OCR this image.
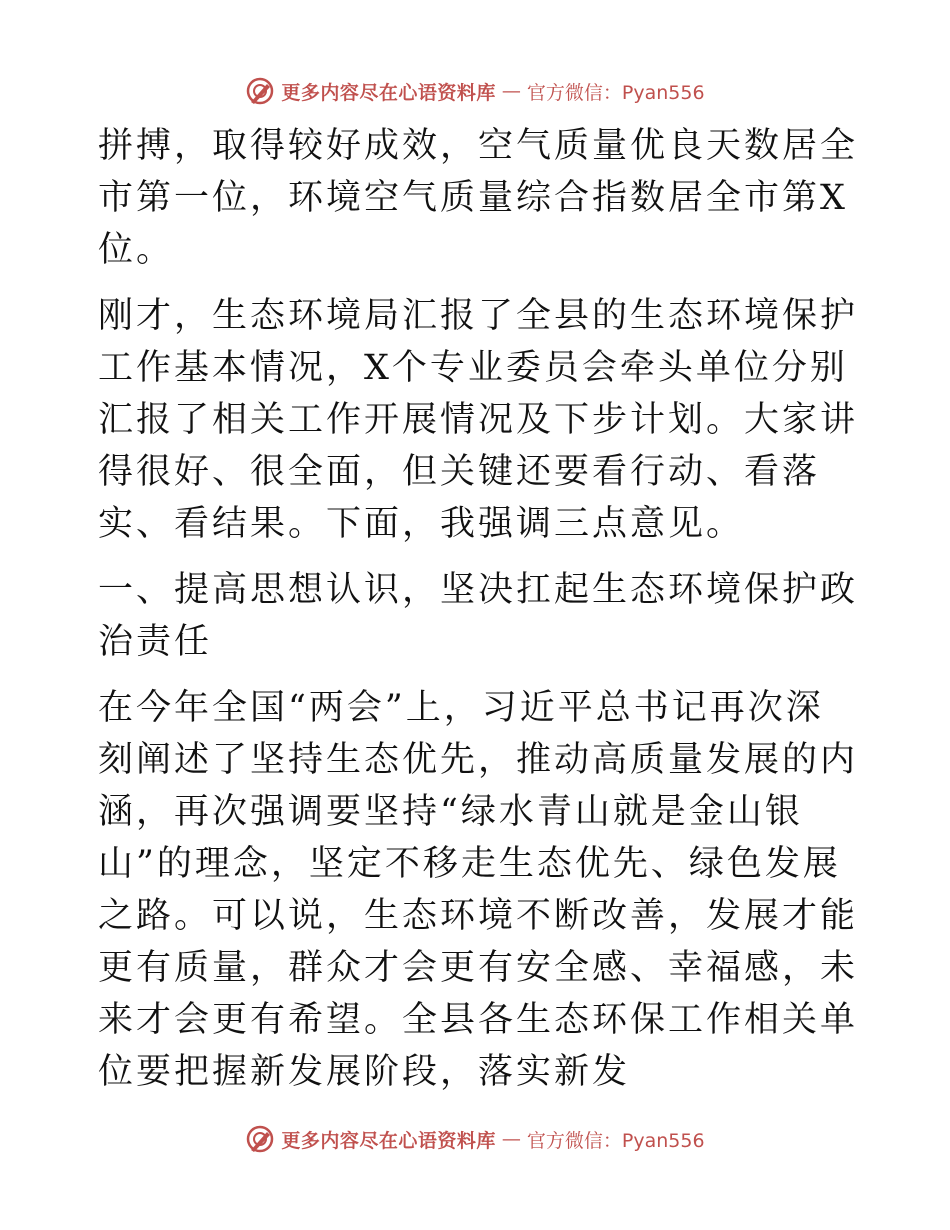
更多内容尽在心语资料库 — 官方微信：Pyan556

拼搏，取得较好成效，空气质量优良天数居全市第一位，环境空气质量综合指数居全市第X位。

刚才，生态环境局汇报了全县的生态环境保护工作基本情况，X个专业委员会牵头单位分别汇报了相关工作开展情况及下步计划。大家讲得很好、很全面，但关键还要看行动、看落实、看结果。下面，我强调三点意见。

一、提高思想认识，坚决扛起生态环境保护政治责任

在今年全国“两会”上，习近平总书记再次深刻阐述了坚持生态优先，推动高质量发展的内涵，再次强调要坚持“绿水青山就是金山银山”的理念，坚定不移走生态优先、绿色发展之路。可以说，生态环境不断改善，发展才能更有质量，群众才会更有安全感、幸福感，未来才会更有希望。全县各生态环保工作相关单位要把握新发展阶段，落实新发

更多内容尽在心语资料库 — 官方微信：Pyan556
